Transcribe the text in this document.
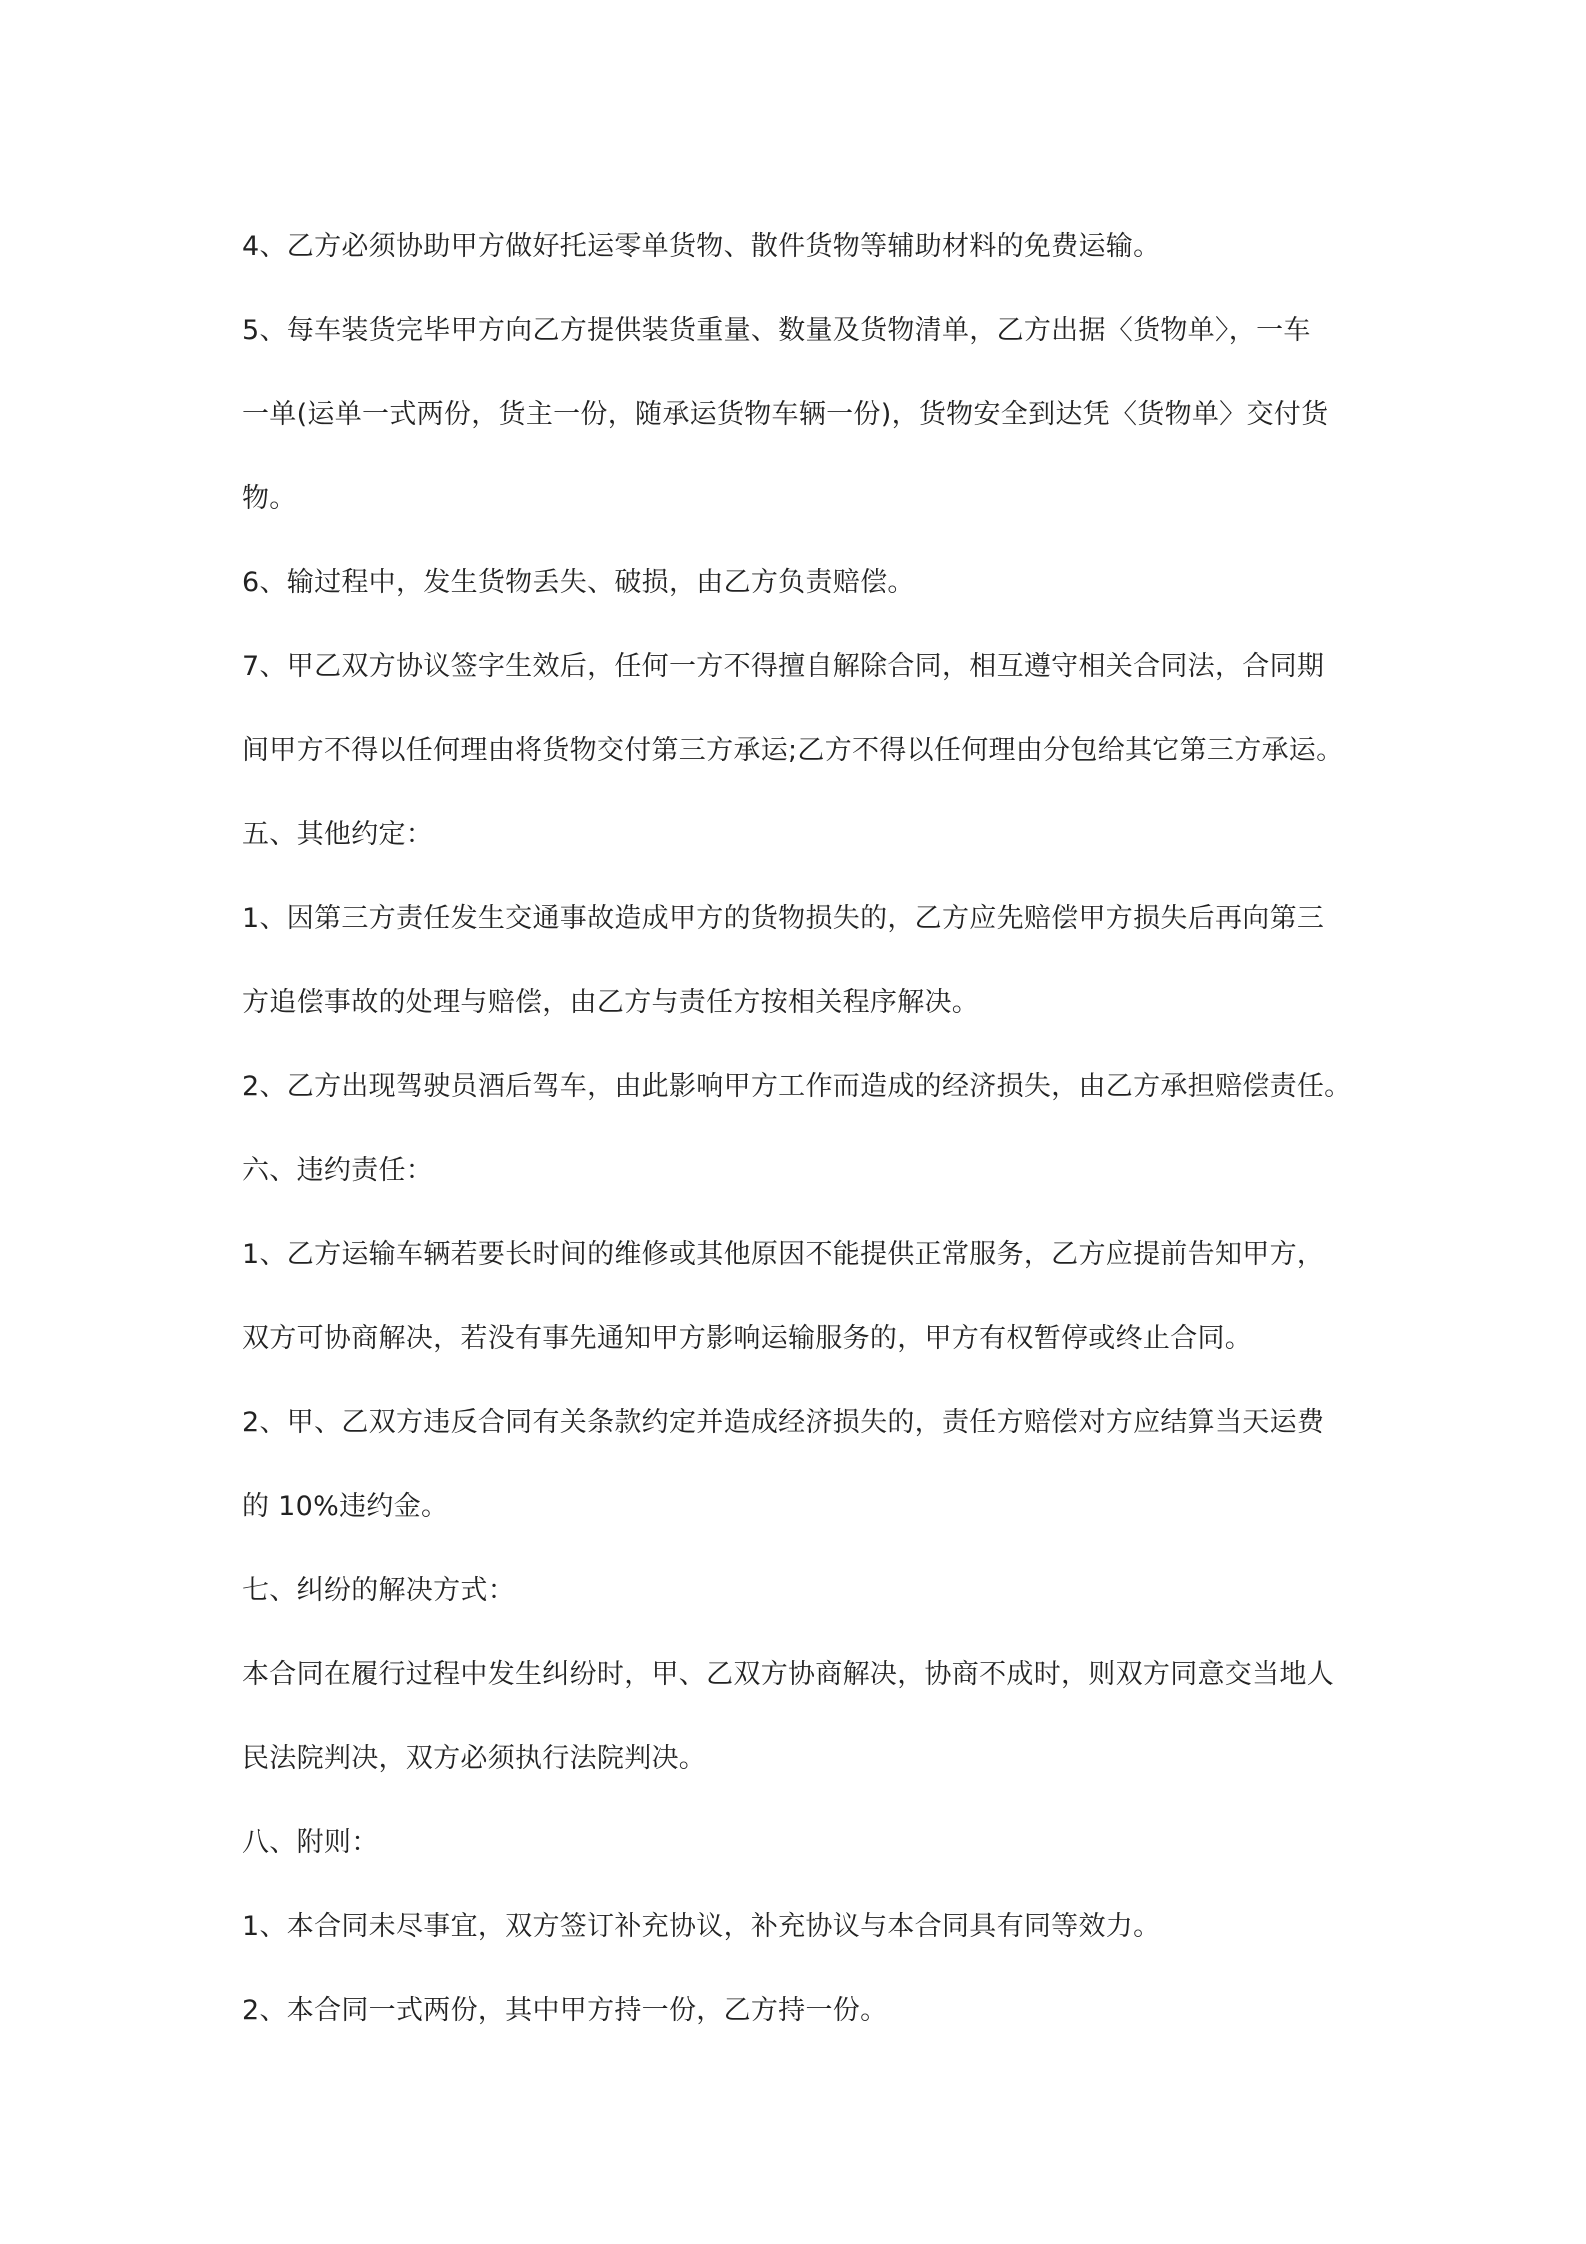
4、乙方必须协助甲方做好托运零单货物、散件货物等辅助材料的免费运输。
5、每车装货完毕甲方向乙方提供装货重量、数量及货物清单，乙方出据〈货物单〉，一车
一单(运单一式两份，货主一份，随承运货物车辆一份)，货物安全到达凭〈货物单〉交付货
物。
6、输过程中，发生货物丢失、破损，由乙方负责赔偿。
7、甲乙双方协议签字生效后，任何一方不得擅自解除合同，相互遵守相关合同法，合同期
间甲方不得以任何理由将货物交付第三方承运;乙方不得以任何理由分包给其它第三方承运。
五、其他约定：
1、因第三方责任发生交通事故造成甲方的货物损失的，乙方应先赔偿甲方损失后再向第三
方追偿事故的处理与赔偿，由乙方与责任方按相关程序解决。
2、乙方出现驾驶员酒后驾车，由此影响甲方工作而造成的经济损失，由乙方承担赔偿责任。
六、违约责任：
1、乙方运输车辆若要长时间的维修或其他原因不能提供正常服务，乙方应提前告知甲方，
双方可协商解决，若没有事先通知甲方影响运输服务的，甲方有权暂停或终止合同。
2、甲、乙双方违反合同有关条款约定并造成经济损失的，责任方赔偿对方应结算当天运费
的 10%违约金。
七、纠纷的解决方式：
本合同在履行过程中发生纠纷时，甲、乙双方协商解决，协商不成时，则双方同意交当地人
民法院判决，双方必须执行法院判决。
八、附则：
1、本合同未尽事宜，双方签订补充协议，补充协议与本合同具有同等效力。
2、本合同一式两份，其中甲方持一份，乙方持一份。
